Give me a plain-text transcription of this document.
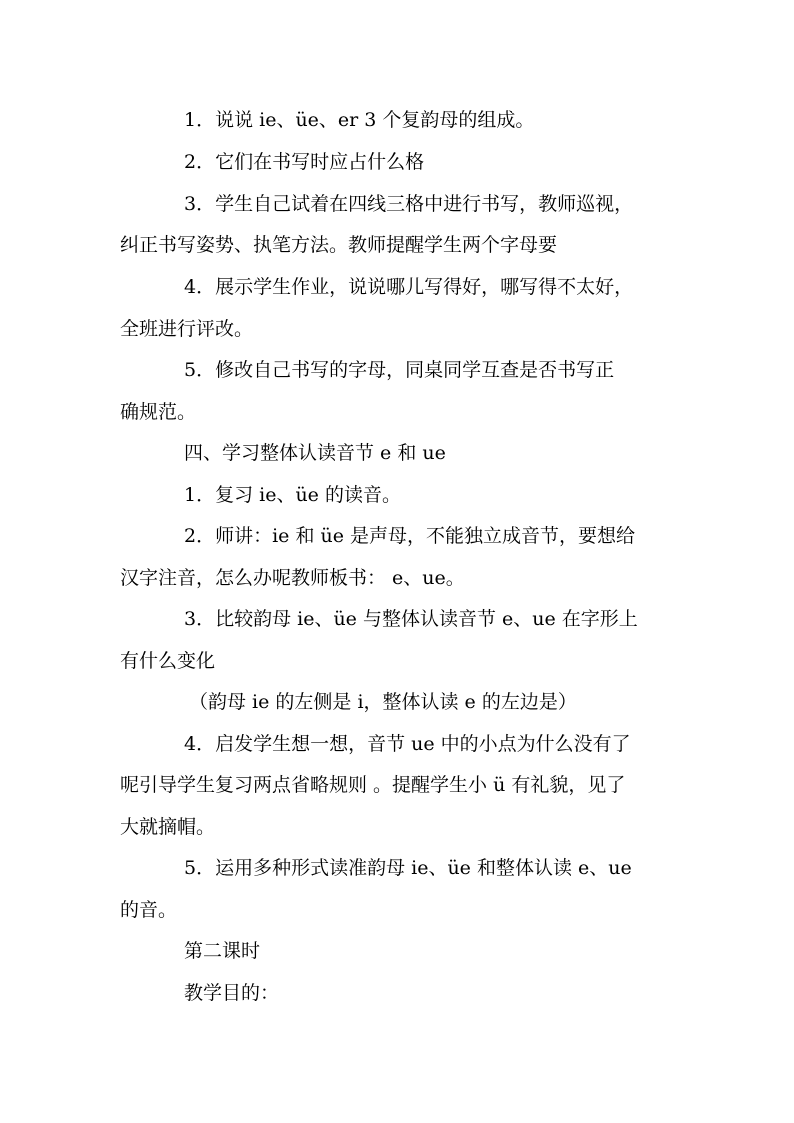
1．说说 ie、üe、er 3 个复韵母的组成。
2．它们在书写时应占什么格
3．学生自己试着在四线三格中进行书写，教师巡视，
纠正书写姿势、执笔方法。教师提醒学生两个字母要
4．展示学生作业，说说哪儿写得好，哪写得不太好，
全班进行评改。
5．修改自己书写的字母，同桌同学互查是否书写正
确规范。
四、学习整体认读音节 e 和 ue
1．复习 ie、üe 的读音。
2．师讲：ie 和 üe 是声母，不能独立成音节，要想给
汉字注音，怎么办呢教师板书： e、ue。
3．比较韵母 ie、üe 与整体认读音节 e、ue 在字形上
有什么变化
（韵母 ie 的左侧是 i，整体认读 e 的左边是）
4．启发学生想一想，音节 ue 中的小点为什么没有了
呢引导学生复习两点省略规则 。提醒学生小 ü 有礼貌，见了
大就摘帽。
5．运用多种形式读准韵母 ie、üe 和整体认读 e、ue
的音。
第二课时
教学目的：
